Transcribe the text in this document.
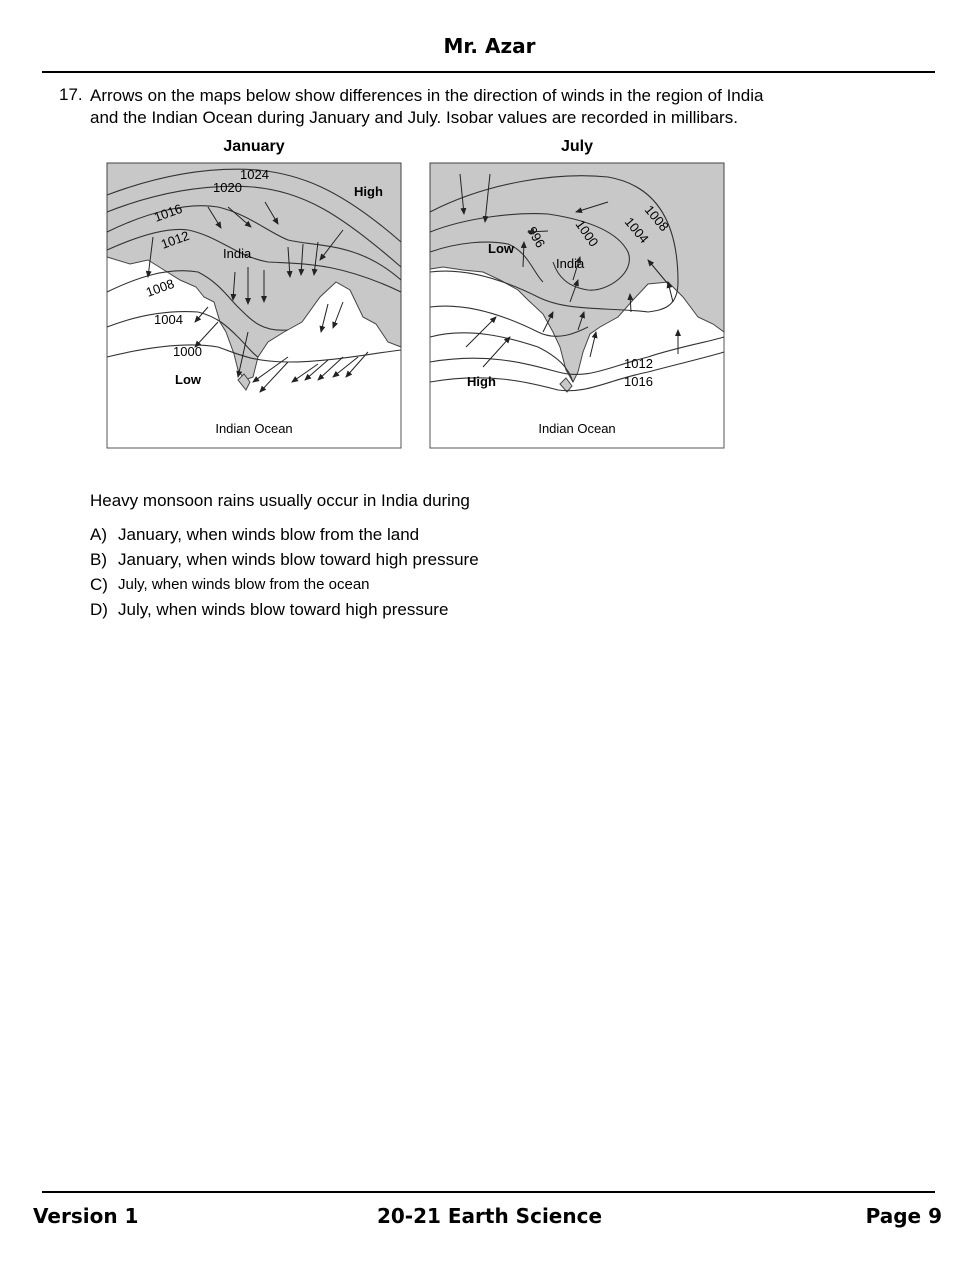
Mr. Azar
17. Arrows on the maps below show differences in the direction of winds in the region of India
and the Indian Ocean during January and July. Isobar values are recorded in millibars.
January
1024
1020
1016
1012
1008
1004
1000
High
India
Low
Indian Ocean
July
1008
1004
1000
996
1012
1016
Low
India
High
Indian Ocean
Heavy monsoon rains usually occur in India during
A) January, when winds blow from the land
B) January, when winds blow toward high pressure
C) July, when winds blow from the ocean
D) July, when winds blow toward high pressure
20-21 Earth Science
Version 1	Page 9
